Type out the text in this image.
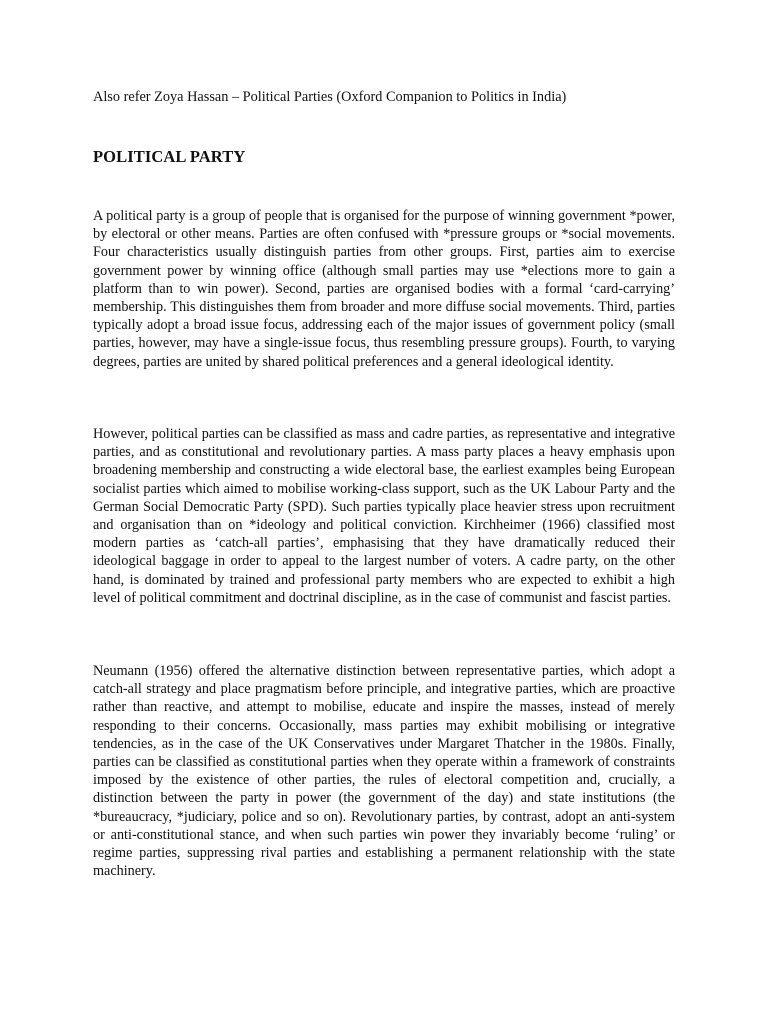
Also refer Zoya Hassan – Political Parties (Oxford Companion to Politics in India)
POLITICAL PARTY

A political party is a group of people that is organised for the purpose of winning government *power, by electoral or other means. Parties are often confused with *pressure groups or *social movements. Four characteristics usually distinguish parties from other groups. First, parties aim to exercise government power by winning office (although small parties may use *elections more to gain a platform than to win power). Second, parties are organised bodies with a formal ‘card-carrying’ membership. This distinguishes them from broader and more diffuse social movements. Third, parties typically adopt a broad issue focus, addressing each of the major issues of government policy (small parties, however, may have a single-issue focus, thus resembling pressure groups). Fourth, to varying degrees, parties are united by shared political preferences and a general ideological identity.

However, political parties can be classified as mass and cadre parties, as representative and integrative parties, and as constitutional and revolutionary parties. A mass party places a heavy emphasis upon broadening membership and constructing a wide electoral base, the earliest examples being European socialist parties which aimed to mobilise working-class support, such as the UK Labour Party and the German Social Democratic Party (SPD). Such parties typically place heavier stress upon recruitment and organisation than on *ideology and political conviction. Kirchheimer (1966) classified most modern parties as ‘catch-all parties’, emphasising that they have dramatically reduced their ideological baggage in order to appeal to the largest number of voters. A cadre party, on the other hand, is dominated by trained and professional party members who are expected to exhibit a high level of political commitment and doctrinal discipline, as in the case of communist and fascist parties.

Neumann (1956) offered the alternative distinction between representative parties, which adopt a catch-all strategy and place pragmatism before principle, and integrative parties, which are proactive rather than reactive, and attempt to mobilise, educate and inspire the masses, instead of merely responding to their concerns. Occasionally, mass parties may exhibit mobilising or integrative tendencies, as in the case of the UK Conservatives under Margaret Thatcher in the 1980s. Finally, parties can be classified as constitutional parties when they operate within a framework of constraints imposed by the existence of other parties, the rules of electoral competition and, crucially, a distinction between the party in power (the government of the day) and state institutions (the *bureaucracy, *judiciary, police and so on). Revolutionary parties, by contrast, adopt an anti-system or anti-constitutional stance, and when such parties win power they invariably become ‘ruling’ or regime parties, suppressing rival parties and establishing a permanent relationship with the state machinery.
